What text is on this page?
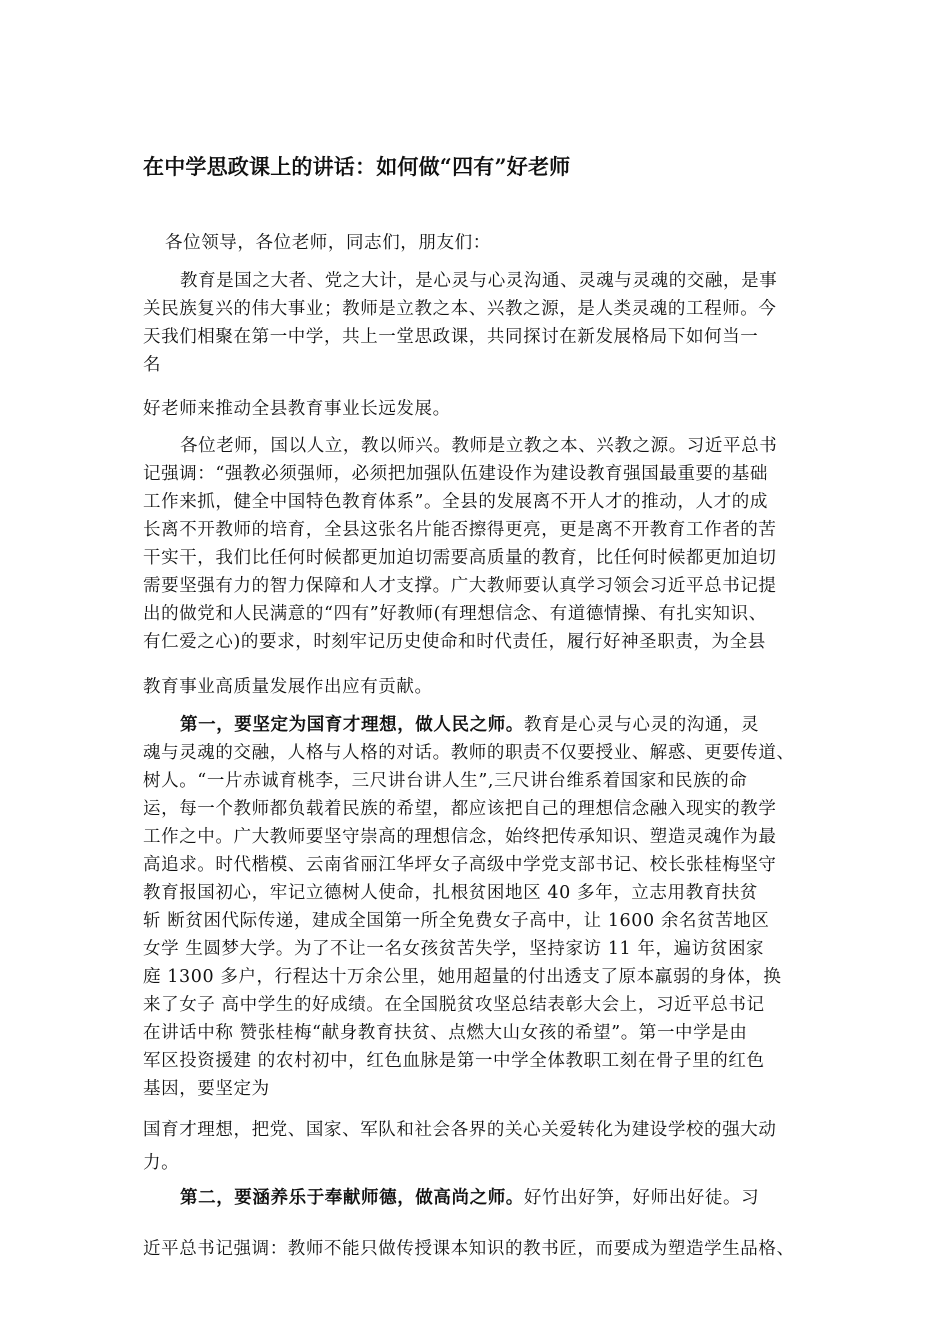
在中学思政课上的讲话：如何做“四有”好老师
各位领导，各位老师，同志们，朋友们：
教育是国之大者、党之大计，是心灵与心灵沟通、灵魂与灵魂的交融，是事
关民族复兴的伟大事业；教师是立教之本、兴教之源，是人类灵魂的工程师。今
天我们相聚在第一中学，共上一堂思政课，共同探讨在新发展格局下如何当一
名
好老师来推动全县教育事业长远发展。
各位老师，国以人立，教以师兴。教师是立教之本、兴教之源。习近平总书
记强调：“强教必须强师，必须把加强队伍建设作为建设教育强国最重要的基础
工作来抓，健全中国特色教育体系”。全县的发展离不开人才的推动，人才的成
长离不开教师的培育，全县这张名片能否擦得更亮，更是离不开教育工作者的苦
干实干，我们比任何时候都更加迫切需要高质量的教育，比任何时候都更加迫切
需要坚强有力的智力保障和人才支撑。广大教师要认真学习领会习近平总书记提
出的做党和人民满意的“四有”好教师(有理想信念、有道德情操、有扎实知识、
有仁爱之心)的要求，时刻牢记历史使命和时代责任，履行好神圣职责，为全县
教育事业高质量发展作出应有贡献。
第一，要坚定为国育才理想，做人民之师。教育是心灵与心灵的沟通，灵
魂与灵魂的交融，人格与人格的对话。教师的职责不仅要授业、解惑、更要传道、
树人。“一片赤诚育桃李，三尺讲台讲人生”,三尺讲台维系着国家和民族的命
运，每一个教师都负载着民族的希望，都应该把自己的理想信念融入现实的教学
工作之中。广大教师要坚守崇高的理想信念，始终把传承知识、塑造灵魂作为最
高追求。时代楷模、云南省丽江华坪女子高级中学党支部书记、校长张桂梅坚守
教育报国初心，牢记立德树人使命，扎根贫困地区 40 多年，立志用教育扶贫
斩 断贫困代际传递，建成全国第一所全免费女子高中，让 1600 余名贫苦地区
女学 生圆梦大学。为了不让一名女孩贫苦失学，坚持家访 11 年，遍访贫困家
庭 1300 多户，行程达十万余公里，她用超量的付出透支了原本羸弱的身体，换
来了女子 高中学生的好成绩。在全国脱贫攻坚总结表彰大会上，习近平总书记
在讲话中称 赞张桂梅“献身教育扶贫、点燃大山女孩的希望”。第一中学是由
军区投资援建 的农村初中，红色血脉是第一中学全体教职工刻在骨子里的红色
基因，要坚定为
国育才理想，把党、国家、军队和社会各界的关心关爱转化为建设学校的强大动
力。
第二，要涵养乐于奉献师德，做高尚之师。好竹出好笋，好师出好徒。习
近平总书记强调：教师不能只做传授课本知识的教书匠，而要成为塑造学生品格、
